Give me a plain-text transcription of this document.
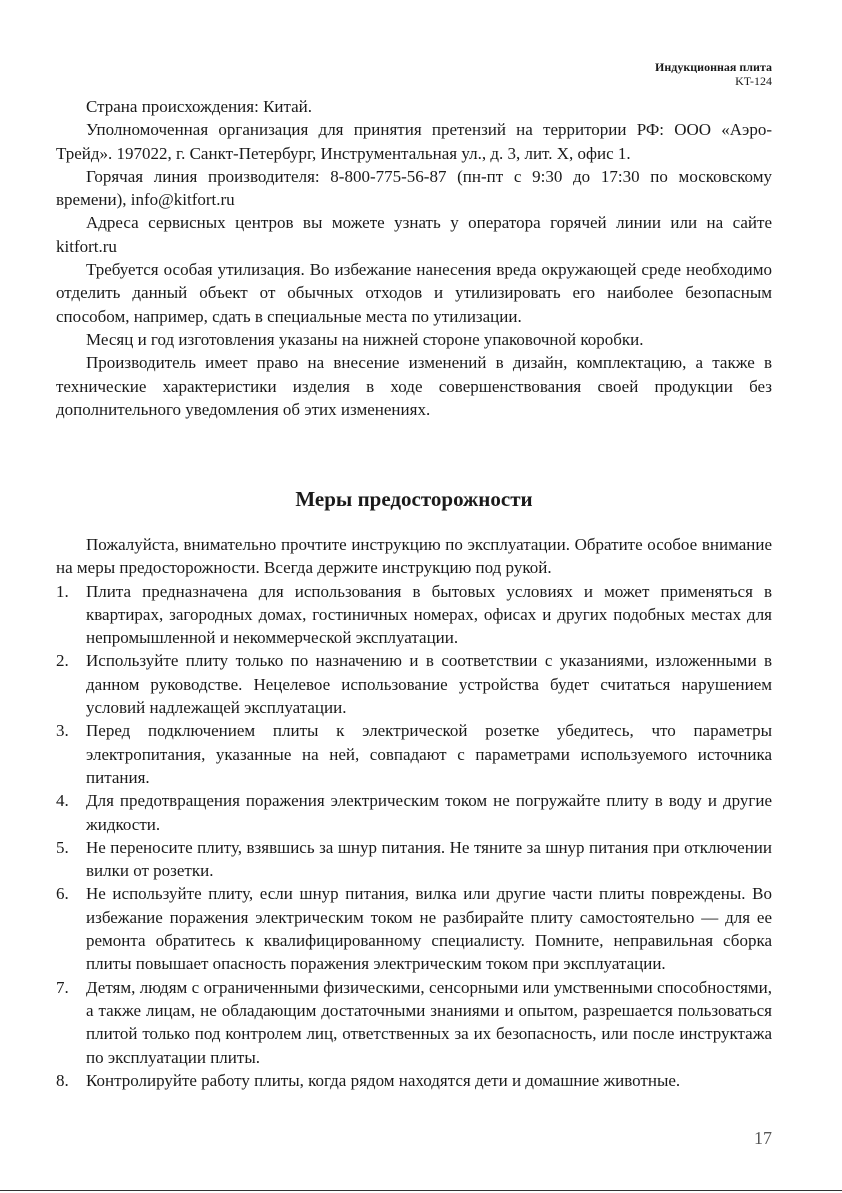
Индукционная плита
KT-124

Страна происхождения: Китай.

Уполномоченная организация для принятия претензий на территории РФ: ООО «Аэро-Трейд». 197022, г. Санкт-Петербург, Инструментальная ул., д. 3, лит. X, офис 1.

Горячая линия производителя: 8-800-775-56-87 (пн-пт с 9:30 до 17:30 по московскому времени), info@kitfort.ru

Адреса сервисных центров вы можете узнать у оператора горячей линии или на сайте kitfort.ru

Требуется особая утилизация. Во избежание нанесения вреда окружающей среде необходимо отделить данный объект от обычных отходов и утилизировать его наиболее безопасным способом, например, сдать в специальные места по утилизации.

Месяц и год изготовления указаны на нижней стороне упаковочной коробки.

Производитель имеет право на внесение изменений в дизайн, комплектацию, а также в технические характеристики изделия в ходе совершенствования своей продукции без дополнительного уведомления об этих изменениях.

Меры предосторожности

Пожалуйста, внимательно прочтите инструкцию по эксплуатации. Обратите особое внимание на меры предосторожности. Всегда держите инструкцию под рукой.

1. Плита предназначена для использования в бытовых условиях и может применяться в квартирах, загородных домах, гостиничных номерах, офисах и других подобных местах для непромышленной и некоммерческой эксплуатации.
2. Используйте плиту только по назначению и в соответствии с указаниями, изложенными в данном руководстве. Нецелевое использование устройства будет считаться нарушением условий надлежащей эксплуатации.
3. Перед подключением плиты к электрической розетке убедитесь, что параметры электропитания, указанные на ней, совпадают с параметрами используемого источника питания.
4. Для предотвращения поражения электрическим током не погружайте плиту в воду и другие жидкости.
5. Не переносите плиту, взявшись за шнур питания. Не тяните за шнур питания при отключении вилки от розетки.
6. Не используйте плиту, если шнур питания, вилка или другие части плиты повреждены. Во избежание поражения электрическим током не разбирайте плиту самостоятельно — для ее ремонта обратитесь к квалифицированному специалисту. Помните, неправильная сборка плиты повышает опасность поражения электрическим током при эксплуатации.
7. Детям, людям с ограниченными физическими, сенсорными или умственными способностями, а также лицам, не обладающим достаточными знаниями и опытом, разрешается пользоваться плитой только под контролем лиц, ответственных за их безопасность, или после инструктажа по эксплуатации плиты.
8. Контролируйте работу плиты, когда рядом находятся дети и домашние животные.
17
